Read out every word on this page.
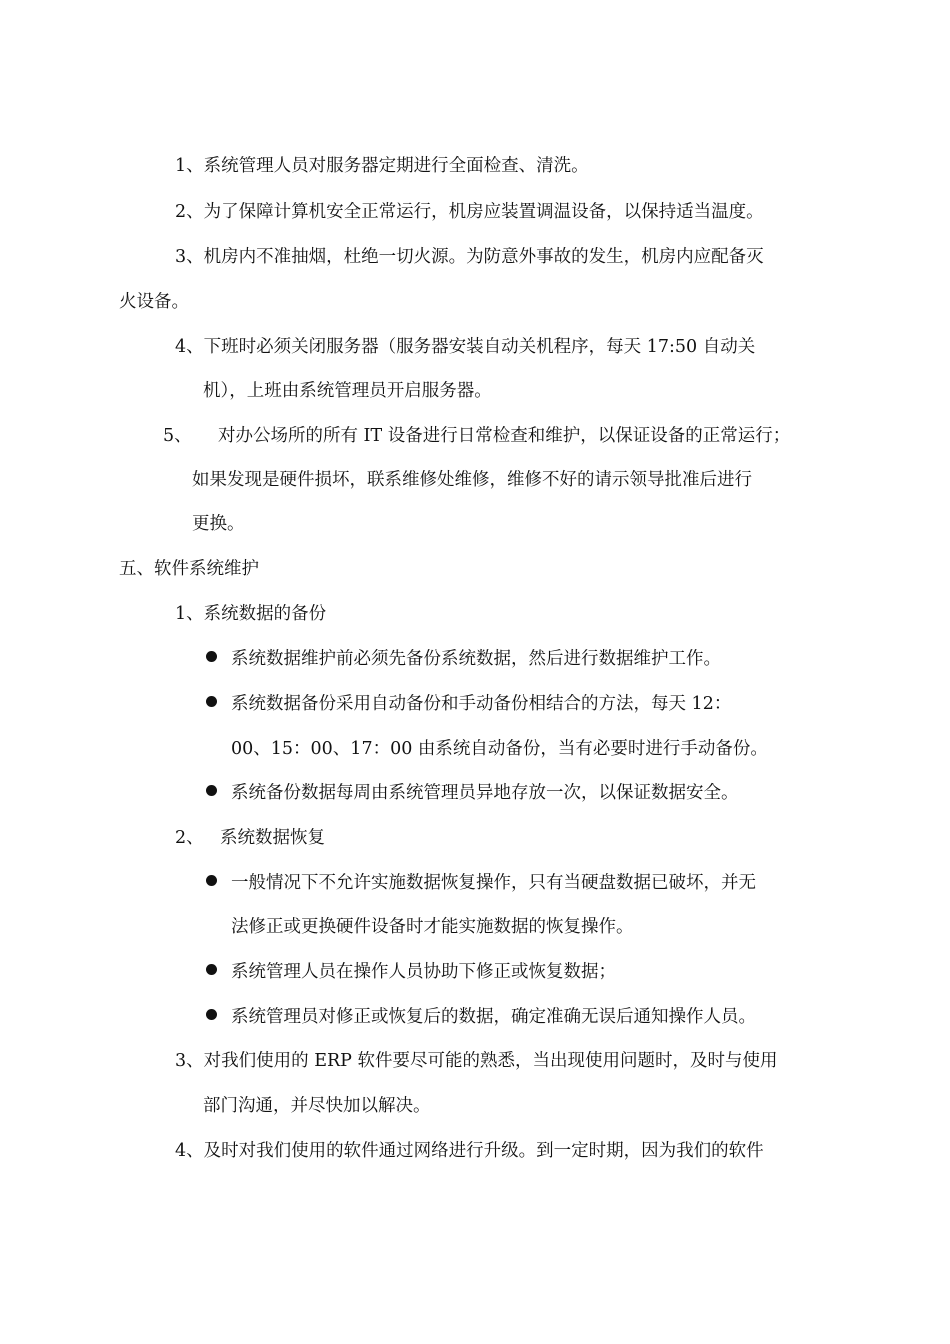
1、系统管理人员对服务器定期进行全面检查、清洗。
2、为了保障计算机安全正常运行，机房应装置调温设备，以保持适当温度。
3、机房内不准抽烟，杜绝一切火源。为防意外事故的发生，机房内应配备灭
火设备。
4、下班时必须关闭服务器（服务器安装自动关机程序，每天 17:50 自动关
机），上班由系统管理员开启服务器。
5、 对办公场所的所有 IT 设备进行日常检查和维护，以保证设备的正常运行；
如果发现是硬件损坏，联系维修处维修，维修不好的请示领导批准后进行
更换。
五、软件系统维护
1、系统数据的备份
系统数据维护前必须先备份系统数据，然后进行数据维护工作。
系统数据备份采用自动备份和手动备份相结合的方法，每天 12：
00、15：00、17：00 由系统自动备份，当有必要时进行手动备份。
系统备份数据每周由系统管理员异地存放一次，以保证数据安全。
2、 系统数据恢复
一般情况下不允许实施数据恢复操作，只有当硬盘数据已破坏，并无
法修正或更换硬件设备时才能实施数据的恢复操作。
系统管理人员在操作人员协助下修正或恢复数据；
系统管理员对修正或恢复后的数据，确定准确无误后通知操作人员。
3、对我们使用的 ERP 软件要尽可能的熟悉，当出现使用问题时，及时与使用
部门沟通，并尽快加以解决。
4、及时对我们使用的软件通过网络进行升级。到一定时期，因为我们的软件
